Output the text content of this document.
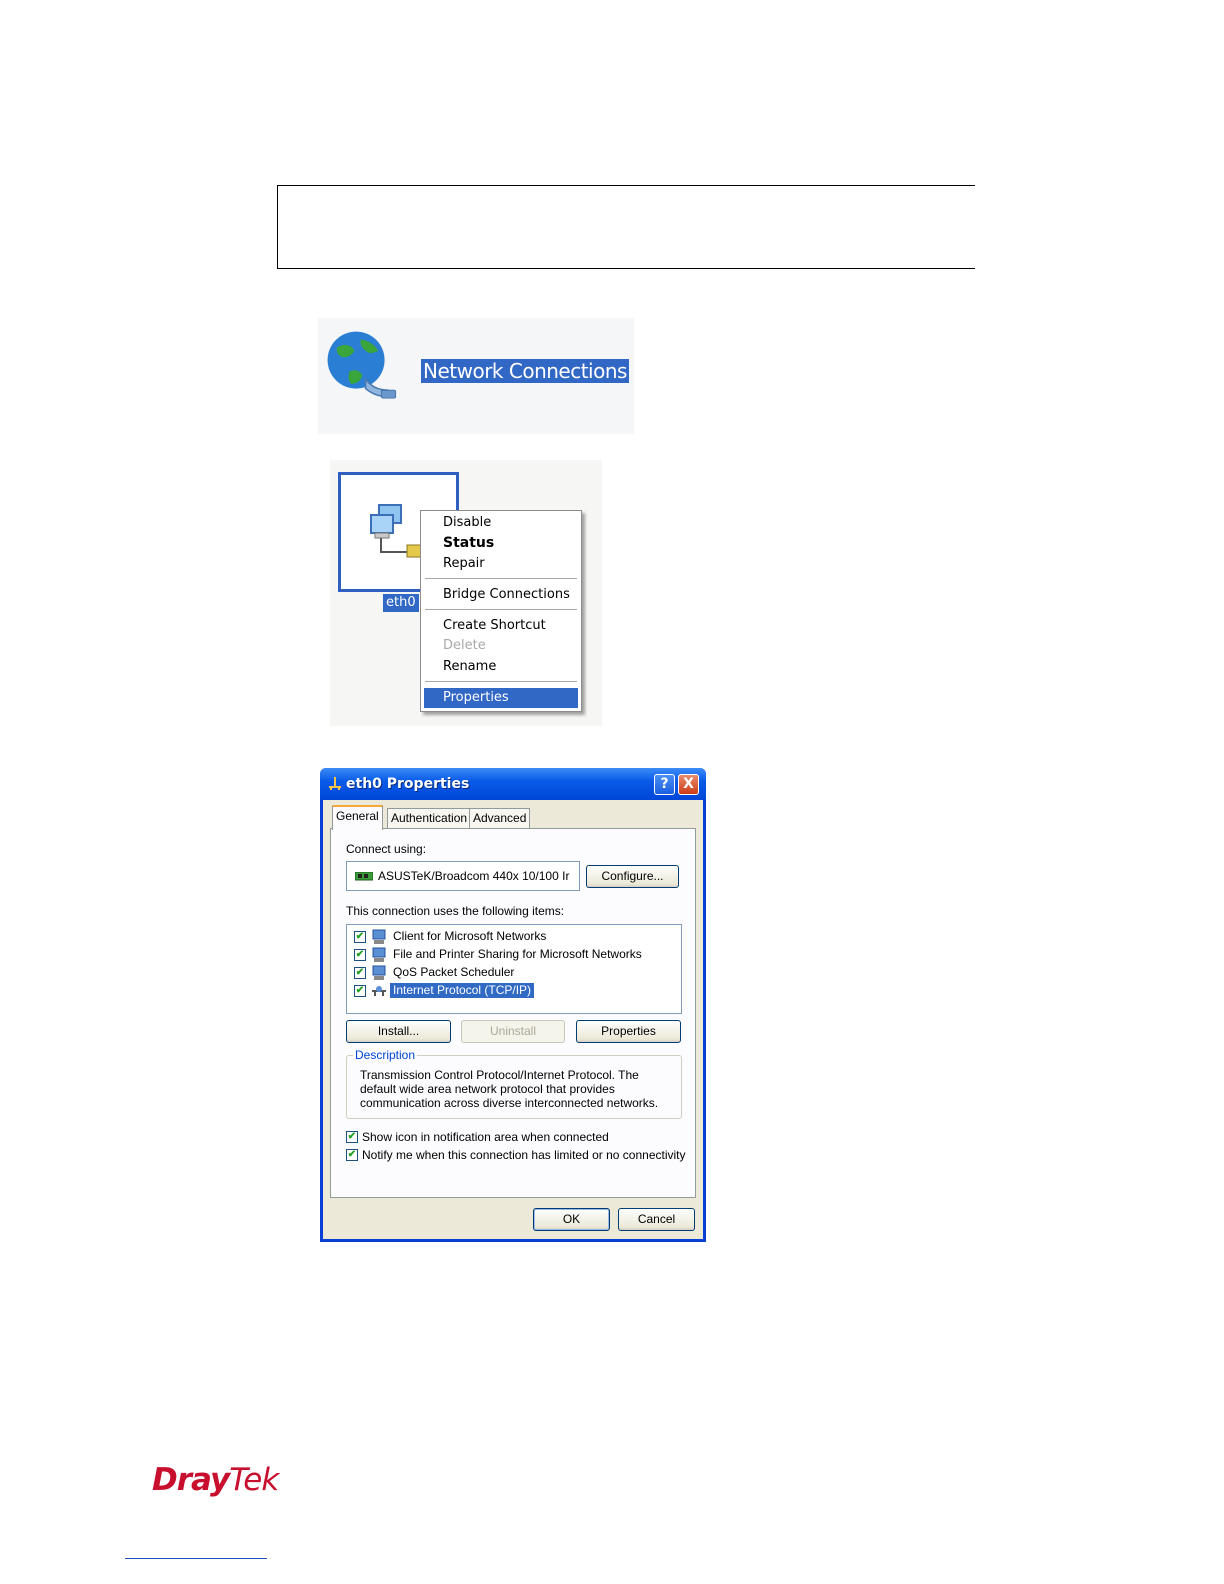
Network Connections
eth0
Disable
Status
Repair
Bridge Connections
Create Shortcut
Delete
Rename
Properties
eth0 Properties	?	X
General	Authentication Advanced
Connect using:
ASUSTeK/Broadcom 440x 10/100 Ir	Configure...
This connection uses the following items:
✔ Client for Microsoft Networks
✔ File and Printer Sharing for Microsoft Networks
✔ QoS Packet Scheduler
✔ Internet Protocol (TCP/IP)
Install...	Uninstall	Properties
Description
Transmission Control Protocol/Internet Protocol. The default wide area network protocol that provides communication across diverse interconnected networks.
✔ Show icon in notification area when connected
✔ Notify me when this connection has limited or no connectivity
OK	Cancel
DrayTek
